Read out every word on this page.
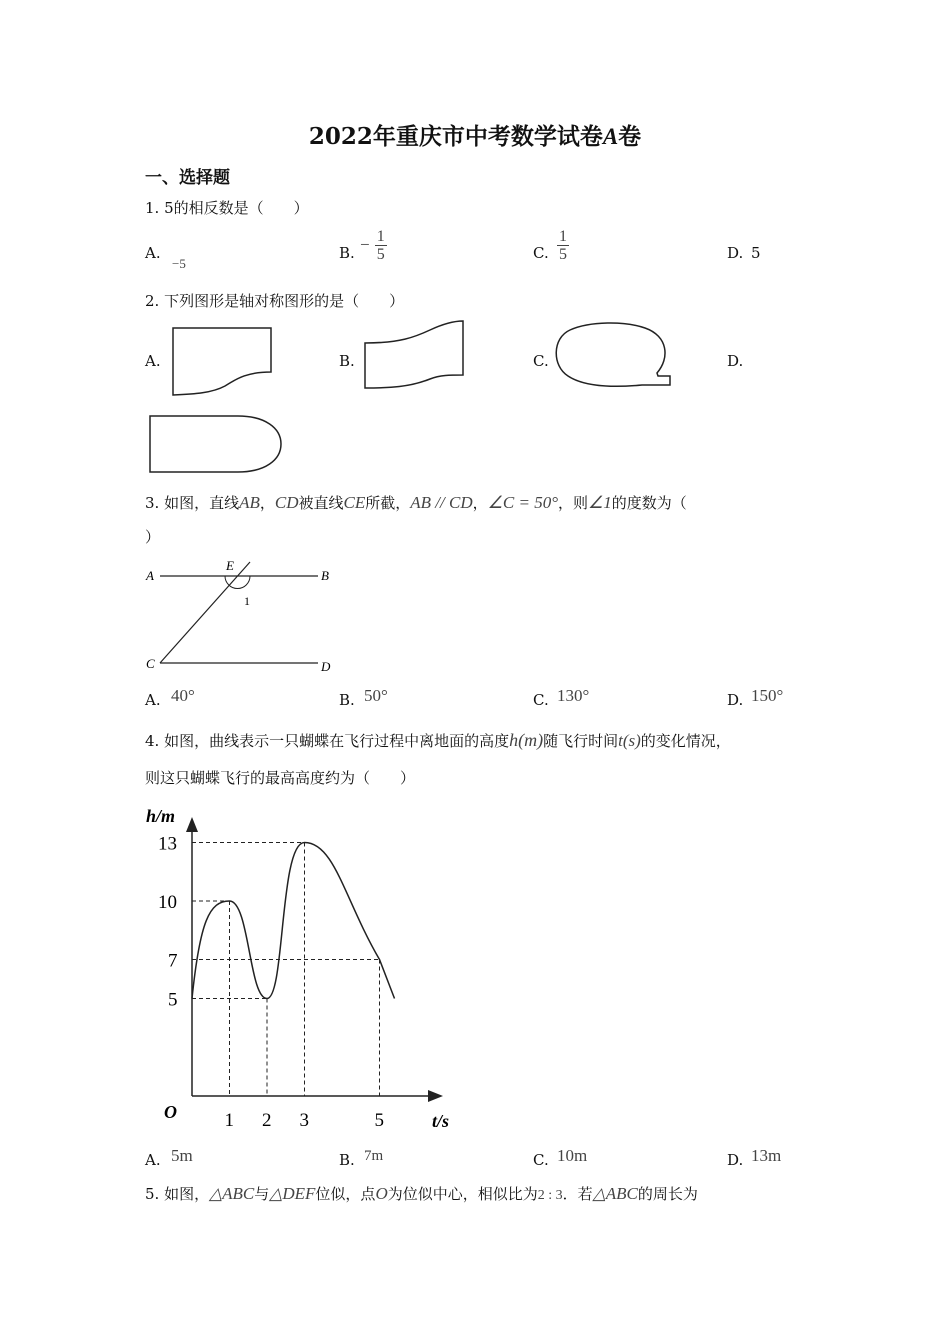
2022年重庆市中考数学试卷A卷
一、选择题
1. 5的相反数是（　　）
A.
−5
B. − $\frac{1}{5}$	C. $\frac{1}{5}$	D. 5
2. 下列图形是轴对称图形的是（　　）
A.	B.	C.	D.
3. 如图，直线AB，CD被直线CE所截，AB // CD，∠C = 50°，则∠1的度数为（
）
A	B
C	D
E
1
A. 40°	B. 50°	C. 130°	D. 150°
4. 如图，曲线表示一只蝴蝶在飞行过程中离地面的高度h(m)随飞行时间t(s)的变化情况，
则这只蝴蝶飞行的最高高度约为（　　）
h/m
t/s
O	1 2 3	5
5
7
10
13
A. 5m	B. 7m	C. 10m	D. 13m
5. 如图，△ABC与△DEF位似，点O为位似中心，相似比为2 : 3．若△ABC的周长为
